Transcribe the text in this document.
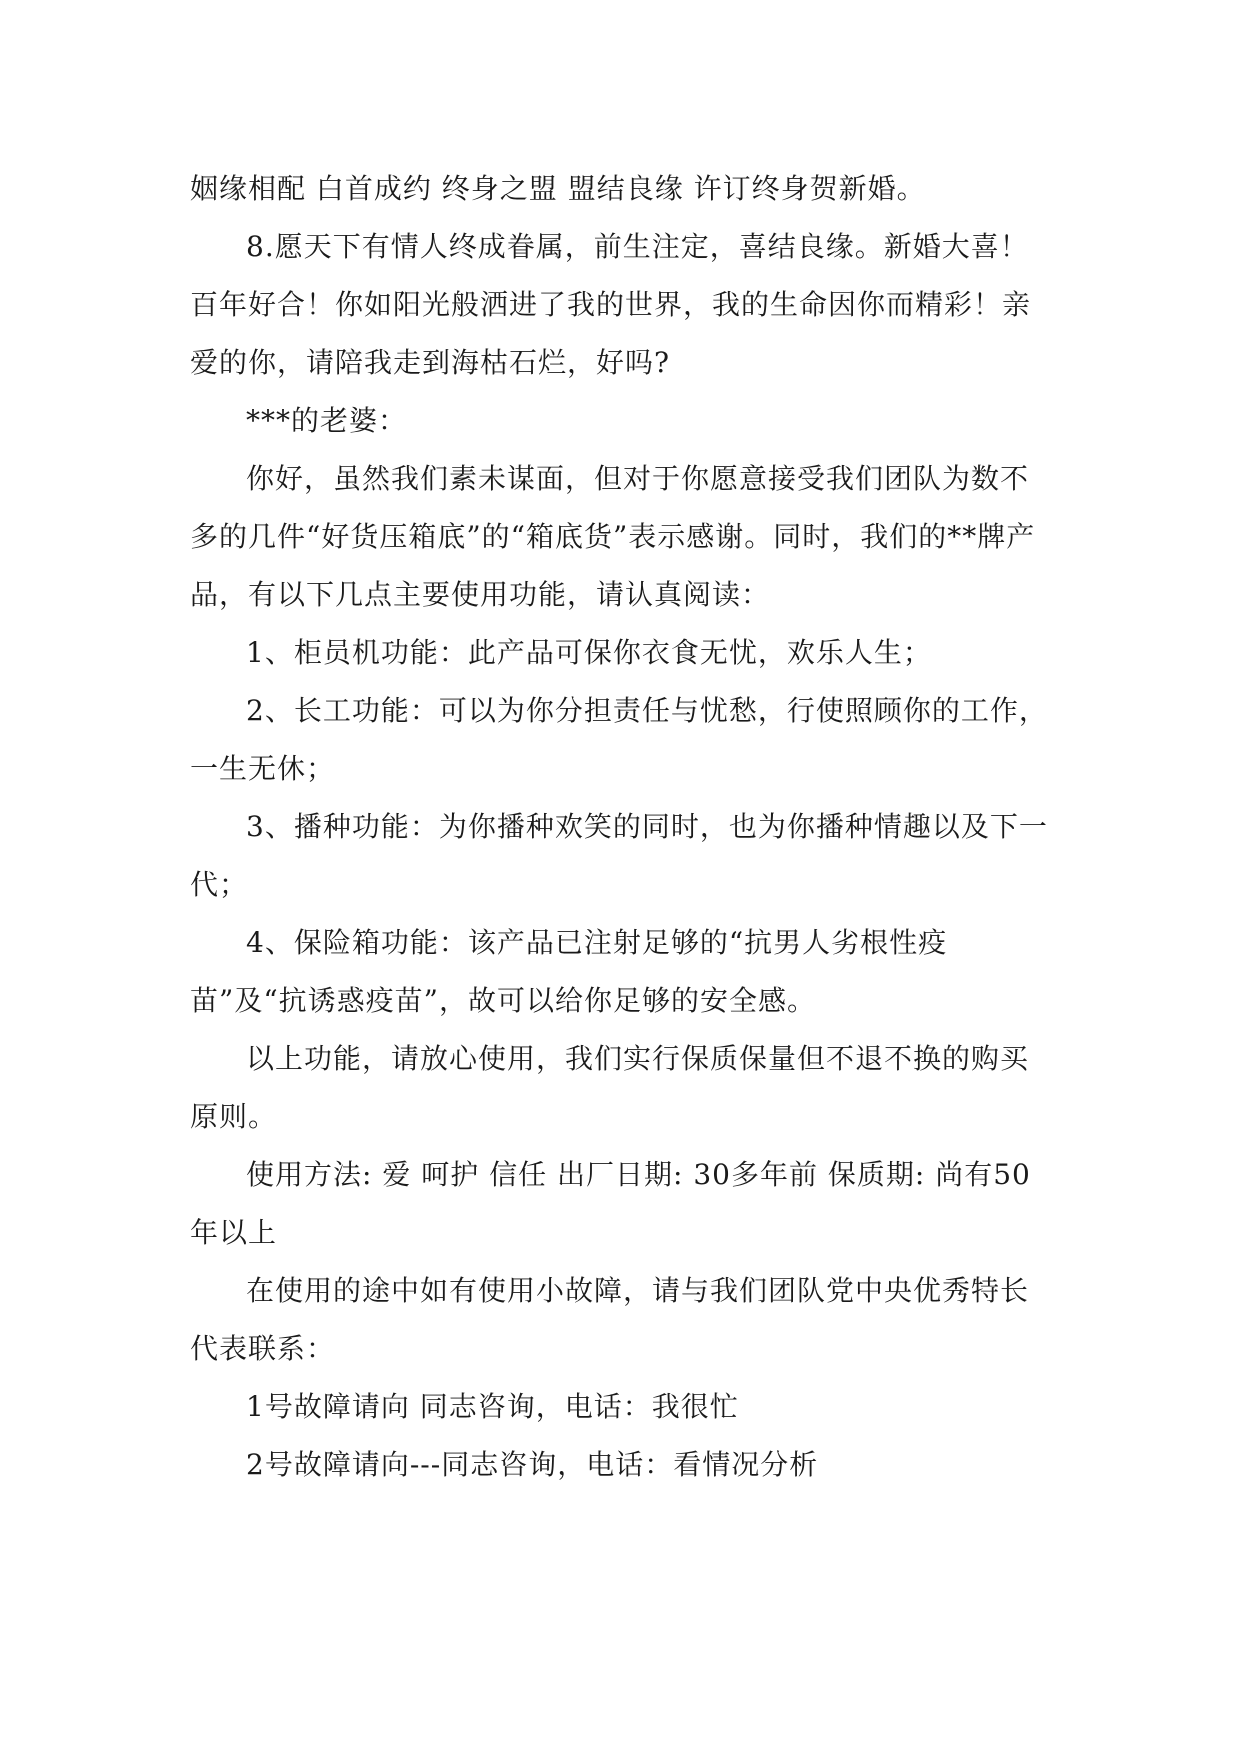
姻缘相配 白首成约 终身之盟 盟结良缘 许订终身贺新婚。

8.愿天下有情人终成眷属，前生注定，喜结良缘。新婚大喜！百年好合！你如阳光般洒进了我的世界，我的生命因你而精彩！亲爱的你，请陪我走到海枯石烂，好吗?

***的老婆：

你好，虽然我们素未谋面，但对于你愿意接受我们团队为数不多的几件“好货压箱底”的“箱底货”表示感谢。同时，我们的**牌产品，有以下几点主要使用功能，请认真阅读：

1、柜员机功能：此产品可保你衣食无忧，欢乐人生；

2、长工功能：可以为你分担责任与忧愁，行使照顾你的工作，一生无休；

3、播种功能：为你播种欢笑的同时，也为你播种情趣以及下一代；

4、保险箱功能：该产品已注射足够的“抗男人劣根性疫苗”及“抗诱惑疫苗”，故可以给你足够的安全感。

以上功能，请放心使用，我们实行保质保量但不退不换的购买原则。

使用方法: 爱 呵护 信任 出厂日期: 30多年前 保质期: 尚有50年以上

在使用的途中如有使用小故障，请与我们团队党中央优秀特长代表联系：

1号故障请向 同志咨询，电话：我很忙

2号故障请向---同志咨询，电话：看情况分析
